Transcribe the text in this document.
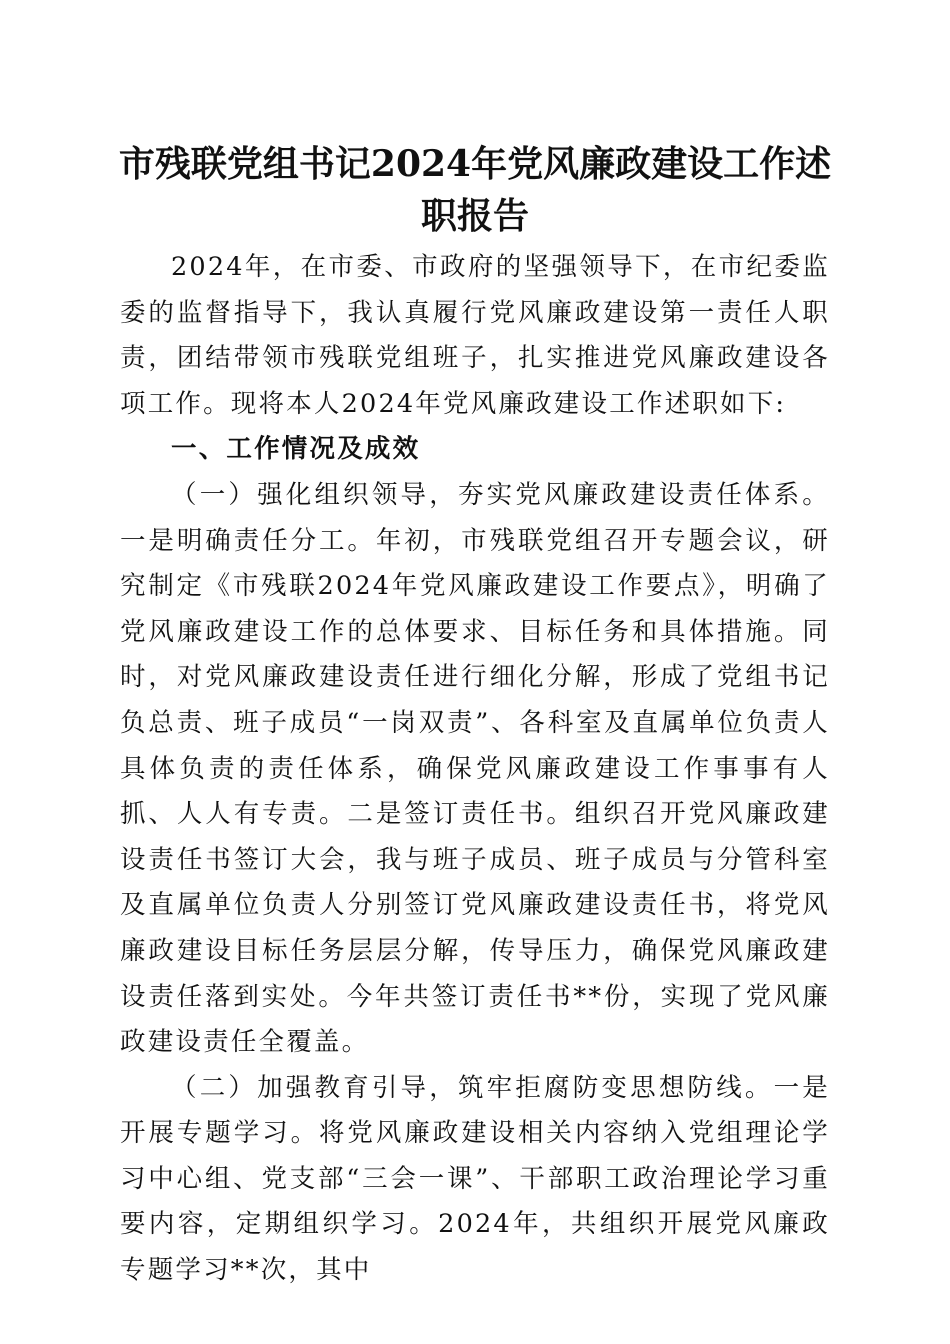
市残联党组书记2024年党风廉政建设工作述职报告

2024年，在市委、市政府的坚强领导下，在市纪委监委的监督指导下，我认真履行党风廉政建设第一责任人职责，团结带领市残联党组班子，扎实推进党风廉政建设各项工作。现将本人2024年党风廉政建设工作述职如下:

一、工作情况及成效

（一）强化组织领导，夯实党风廉政建设责任体系。一是明确责任分工。年初，市残联党组召开专题会议，研究制定《市残联2024年党风廉政建设工作要点》，明确了党风廉政建设工作的总体要求、目标任务和具体措施。同时，对党风廉政建设责任进行细化分解，形成了党组书记负总责、班子成员“一岗双责”、各科室及直属单位负责人具体负责的责任体系，确保党风廉政建设工作事事有人抓、人人有专责。二是签订责任书。组织召开党风廉政建设责任书签订大会，我与班子成员、班子成员与分管科室及直属单位负责人分别签订党风廉政建设责任书，将党风廉政建设目标任务层层分解，传导压力，确保党风廉政建设责任落到实处。今年共签订责任书**份，实现了党风廉政建设责任全覆盖。

（二）加强教育引导，筑牢拒腐防变思想防线。一是开展专题学习。将党风廉政建设相关内容纳入党组理论学习中心组、党支部“三会一课”、干部职工政治理论学习重要内容，定期组织学习。2024年，共组织开展党风廉政专题学习**次，其中
